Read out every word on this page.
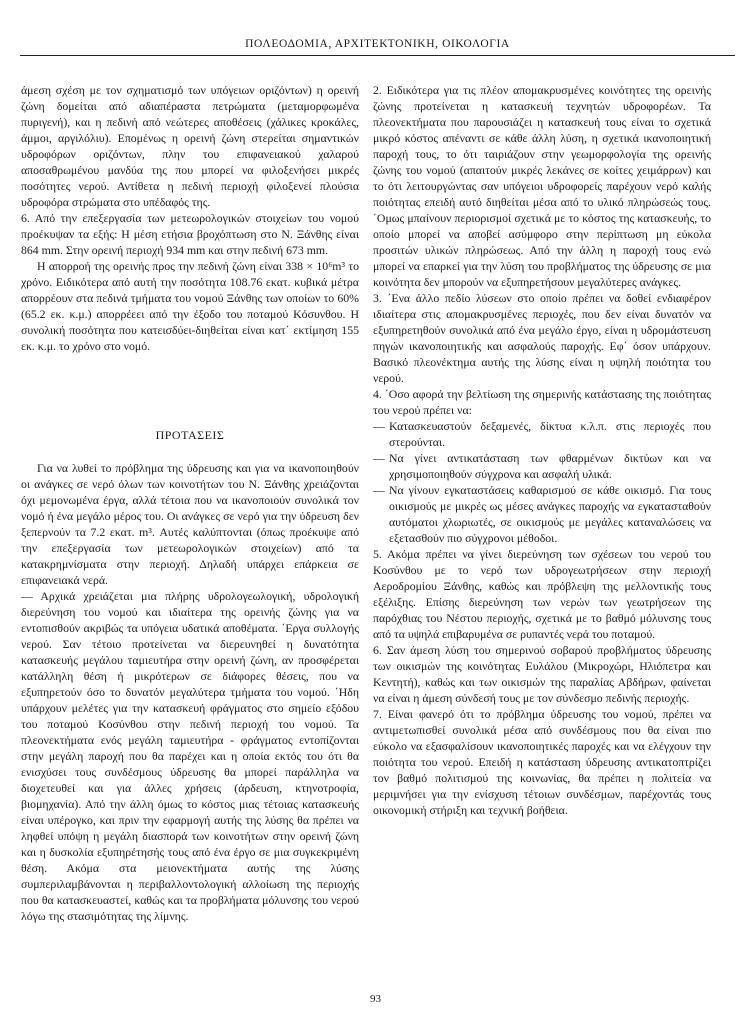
ΠΟΛΕΟΔΟΜΙΑ, ΑΡΧΙΤΕΚΤΟΝΙΚΗ, ΟΙΚΟΛΟΓΙΑ

άμεση σχέση με τον σχηματισμό των υπόγειων οριζόντων) η ορεινή ζώνη δομείται από αδιαπέραστα πετρώματα (μεταμορφωμένα πυριγενή), και η πεδινή από νεώτερες αποθέσεις (χάλικες κροκάλες, άμμοι, αργιλόλιυ). Επομένως η ορεινή ζώνη στερείται σημαντικών υδροφόρων οριζόντων, πλην του επιφανειακού χαλαρού αποσαθρωμένου μανδύα της που μπορεί να φιλοξενήσει μικρές ποσότητες νερού. Αντίθετα η πεδινή περιοχή φιλοξενεί πλούσια υδροφόρα στρώματα στο υπέδαφός της.

6. Από την επεξεργασία των μετεωρολογικών στοιχείων του νομού προέκυψαν τα εξής: Η μέση ετήσια βροχόπτωση στο Ν. Ξάνθης είναι 864 mm. Στην ορεινή περιοχή 934 mm και στην πεδινή 673 mm.

Η απορροή της ορεινής προς την πεδινή ζώνη είναι 338 × 10⁶m³ το χρόνο. Ειδικότερα από αυτή την ποσότητα 108.76 εκατ. κυβικά μέτρα απορρέουν στα πεδινά τμήματα του νομού Ξάνθης των οποίων το 60% (65.2 εκ. κ.μ.) απορρέεει από την έξοδο του ποταμού Κόσυνθου. Η συνολική ποσότητα που κατεισδύει-διηθείται είναι κατ΄ εκτίμηση 155 εκ. κ.μ. το χρόνο στο νομό.

ΠΡΟΤΑΣΕΙΣ

Για να λυθεί το πρόβλημα της ύδρευσης και για να ικανοποιηθούν οι ανάγκες σε νερό όλων των κοινοτήτων του Ν. Ξάνθης χρειάζονται όχι μεμονωμένα έργα, αλλά τέτοια που να ικανοποιούν συνολικά τον νομό ή ένα μεγάλο μέρος του. Οι ανάγκες σε νερό για την ύδρευση δεν ξεπερνούν τα 7.2 εκατ. m³. Αυτές καλύπτονται (όπως προέκυψε από την επεξεργασία των μετεωρολογικών στοιχείων) από τα κατακρημνίσματα στην περιοχή. Δηλαδή υπάρχει επάρκεια σε επιφανειακά νερά.

— Αρχικά χρειάζεται μια πλήρης υδρολογεωλογική, υδρολογική διερεύνηση του νομού και ιδιαίτερα της ορεινής ζώνης για να εντοπισθούν ακριβώς τα υπόγεια υδατικά αποθέματα. ΄Εργα συλλογής νερού. Σαν τέτοιο προτείνεται να διερευνηθεί η δυνατότητα κατασκευής μεγάλου ταμιευτήρα στην ορεινή ζώνη, αν προσφέρεται κατάλληλη θέση ή μικρότερων σε διάφορες θέσεις, που να εξυπηρετούν όσο το δυνατόν μεγαλύτερα τμήματα του νομού. ΄Ηδη υπάρχουν μελέτες για την κατασκευή φράγματος στο σημείο εξόδου του ποταμού Κοσύνθου στην πεδινή περιοχή του νομού. Τα πλεονεκτήματα ενός μεγάλη ταμιευτήρα - φράγματος εντοπίζονται στην μεγάλη παροχή που θα παρέχει και η οποία εκτός του ότι θα ενισχύσει τους συνδέσμους ύδρευσης θα μπορεί παράλληλα να διοχετευθεί και για άλλες χρήσεις (άρδευση, κτηνοτροφία, βιομηχανία). Από την άλλη όμως το κόστος μιας τέτοιας κατασκευής είναι υπέρογκο, και πριν την εφαρμογή αυτής της λύσης θα πρέπει να ληφθεί υπόψη η μεγάλη διασπορά των κοινοτήτων στην ορεινή ζώνη και η δυσκολία εξυπηρέτησής τους από ένα έργο σε μια συγκεκριμένη θέση. Ακόμα στα μειονεκτήματα αυτής της λύσης συμπεριλαμβάνονται η περιβαλλοντολογική αλλοίωση της περιοχής που θα κατασκευαστεί, καθώς και τα προβλήματα μόλυνσης του νερού λόγω της στασιμότητας της λίμνης.

2. Ειδικότερα για τις πλέον απομακρυσμένες κοινότητες της ορεινής ζώνης προτείνεται η κατασκευή τεχνητών υδροφορέων. Τα πλεονεκτήματα που παρουσιάζει η κατασκευή τους είναι το σχετικά μικρό κόστος απέναντι σε κάθε άλλη λύση, η σχετικά ικανοποιητική παροχή τους, το ότι ταιριάζουν στην γεωμορφολογία της ορεινής ζώνης του νομού (απαιτούν μικρές λεκάνες σε κοίτες χειμάρρων) και το ότι λειτουργώντας σαν υπόγειοι υδροφορείς παρέχουν νερό καλής ποιότητας επειδή αυτό διηθείται μέσα από το υλικό πληρώσεώς τους. ΄Ομως μπαίνουν περιορισμοί σχετικά με το κόστος της κατασκευής, το οποίο μπορεί να αποβεί ασύμφορο στην περίπτωση μη εύκολα προσιτών υλικών πληρώσεως. Από την άλλη η παροχή τους ενώ μπορεί να επαρκεί για την λύση του προβλήματος της ύδρευσης σε μια κοινότητα δεν μπορούν να εξυπηρετήσουν μεγαλύτερες ανάγκες.

3. ΄Ενα άλλο πεδίο λύσεων στο οποίο πρέπει να δοθεί ενδιαφέρον ιδιαίτερα στις απομακρυσμένες περιοχές, που δεν είναι δυνατόν να εξυπηρετηθούν συνολικά από ένα μεγάλο έργο, είναι η υδρομάστευση πηγών ικανοποιητικής και ασφαλούς παροχής. Εφ΄ όσον υπάρχουν. Βασικό πλεονέκτημα αυτής της λύσης είναι η υψηλή ποιότητα του νερού.

4. ΄Οσο αφορά την βελτίωση της σημερινής κατάστασης της ποιότητας του νερού πρέπει να:

— Κατασκευαστούν δεξαμενές, δίκτυα κ.λ.π. στις περιοχές που στερούνται.
— Να γίνει αντικατάσταση των φθαρμένων δικτύων και να χρησιμοποιηθούν σύγχρονα και ασφαλή υλικά.
— Να γίνουν εγκαταστάσεις καθαρισμού σε κάθε οικισμό. Για τους οικισμούς με μικρές ως μέσες ανάγκες παροχής να εγκατασταθούν αυτόματοι χλωριωτές, σε οικισμούς με μεγάλες καταναλώσεις να εξετασθούν πιο σύγχρονοι μέθοδοι.

5. Ακόμα πρέπει να γίνει διερεύνηση των σχέσεων του νερού του Κοσύνθου με το νερό των υδρογεωτρήσεων στην περιοχή Αεροδρομίου Ξάνθης, καθώς και πρόβλεψη της μελλοντικής τους εξέλιξης. Επίσης διερεύνηση των νερών των γεωτρήσεων της παρόχθιας του Νέστου περιοχής, σχετικά με το βαθμό μόλυνσης τους από τα υψηλά επιβαρυμένα σε ρυπαντές νερά του ποταμού.

6. Σαν άμεση λύση του σημερινού σοβαρού προβλήματος ύδρευσης των οικισμών της κοινότητας Ευλάλου (Μικροχώρι, Ηλιόπετρα και Κεντητή), καθώς και των οικισμών της παραλίας Αβδήρων, φαίνεται να είναι η άμεση σύνδεσή τους με τον σύνδεσμο πεδινής περιοχής.

7. Είναι φανερό ότι το πρόβλημα ύδρευσης του νομού, πρέπει να αντιμετωπισθεί συνολικά μέσα από συνδέσμους που θα είναι πιο εύκολο να εξασφαλίσουν ικανοποιητικές παροχές και να ελέγχουν την ποιότητα του νερού. Επειδή η κατάσταση ύδρευσης αντικατοπτρίζει τον βαθμό πολιτισμού της κοινωνίας, θα πρέπει η πολιτεία να μεριμνήσει για την ενίσχυση τέτοιων συνδέσμων, παρέχοντάς τους οικονομική στήριξη και τεχνική βοήθεια.

93
